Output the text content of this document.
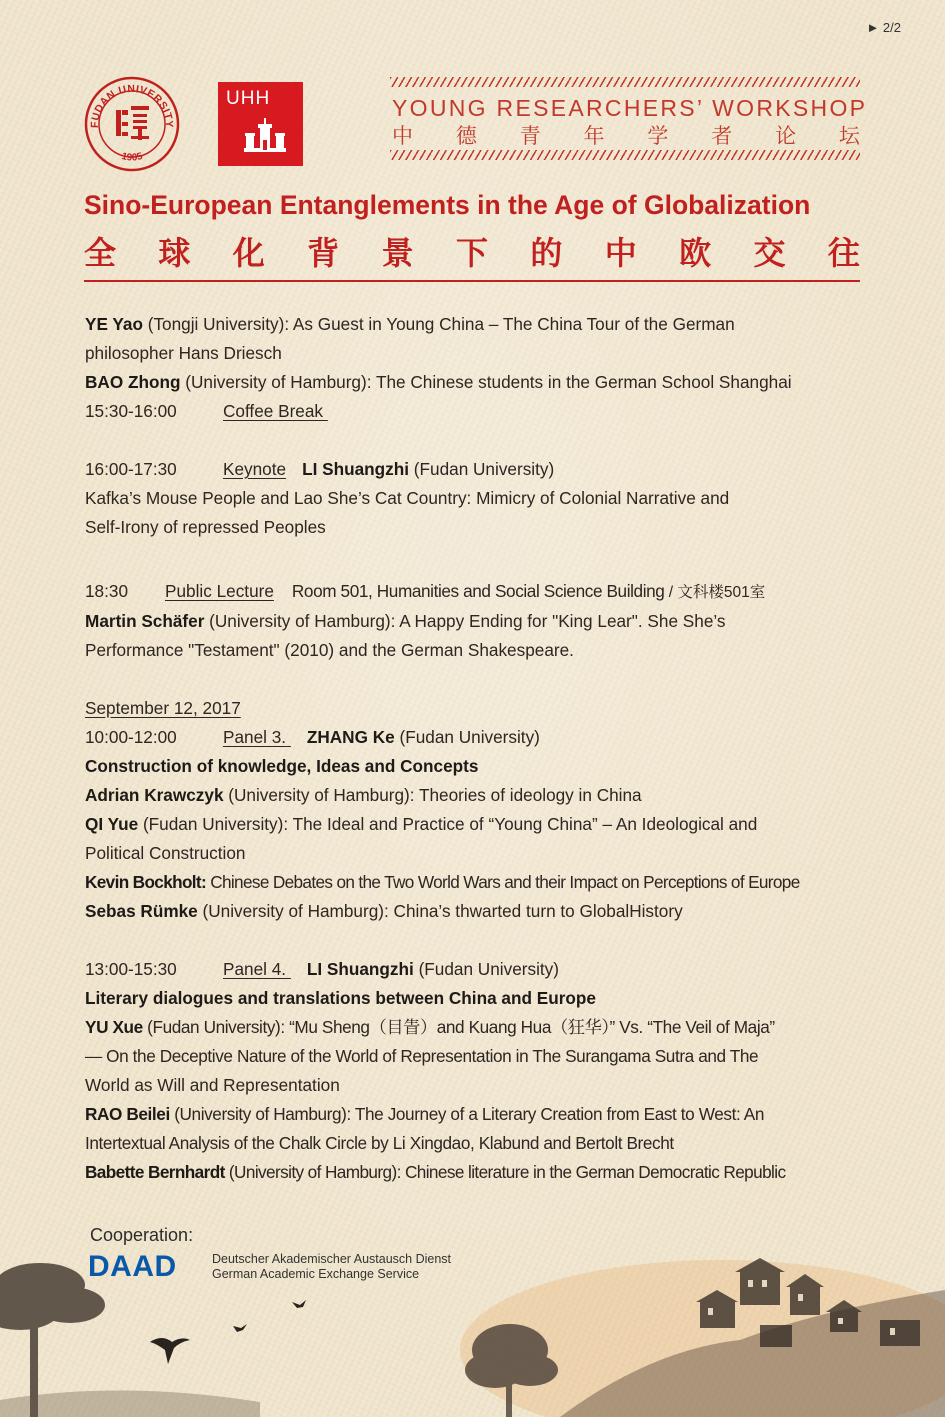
► 2/2
FUDAN UNIVERSITY
1905
UHH	YOUNG RESEARCHERS’ WORKSHOP
中 德 青 年 学 者 论 坛
Sino-European Entanglements in the Age of Globalization
全 球 化 背 景 下 的 中 欧 交 往

YE Yao (Tongji University): As Guest in Young China – The China Tour of the German

philosopher Hans Driesch

BAO Zhong (University of Hamburg): The Chinese students in the German School Shanghai

15:30-16:00	Coffee Break

16:00-17:30	Keynote LI Shuangzhi (Fudan University)

Kafka’s Mouse People and Lao She’s Cat Country: Mimicry of Colonial Narrative and

Self-Irony of repressed Peoples

18:30 Public Lecture Room 501, Humanities and Social Science Building / 文科楼501室

Martin Schäfer (University of Hamburg): A Happy Ending for "King Lear". She She’s

Performance "Testament" (2010) and the German Shakespeare.

September 12, 2017

10:00-12:00	Panel 3. ZHANG Ke (Fudan University)

Construction of knowledge, Ideas and Concepts

Adrian Krawczyk (University of Hamburg): Theories of ideology in China

QI Yue (Fudan University): The Ideal and Practice of “Young China” – An Ideological and

Political Construction

Kevin Bockholt: Chinese Debates on the Two World Wars and their Impact on Perceptions of Europe

Sebas Rümke (University of Hamburg): China’s thwarted turn to GlobalHistory

13:00-15:30	Panel 4. LI Shuangzhi (Fudan University)

Literary dialogues and translations between China and Europe

YU Xue (Fudan University): “Mu Sheng（目眚）and Kuang Hua（狂华）” Vs. “The Veil of Maja”

— On the Deceptive Nature of the World of Representation in The Surangama Sutra and The

World as Will and Representation

RAO Beilei (University of Hamburg): The Journey of a Literary Creation from East to West: An

Intertextual Analysis of the Chalk Circle by Li Xingdao, Klabund and Bertolt Brecht

Babette Bernhardt (University of Hamburg): Chinese literature in the German Democratic Republic

Cooperation:
DAAD	Deutscher Akademischer Austausch Dienst
German Academic Exchange Service
